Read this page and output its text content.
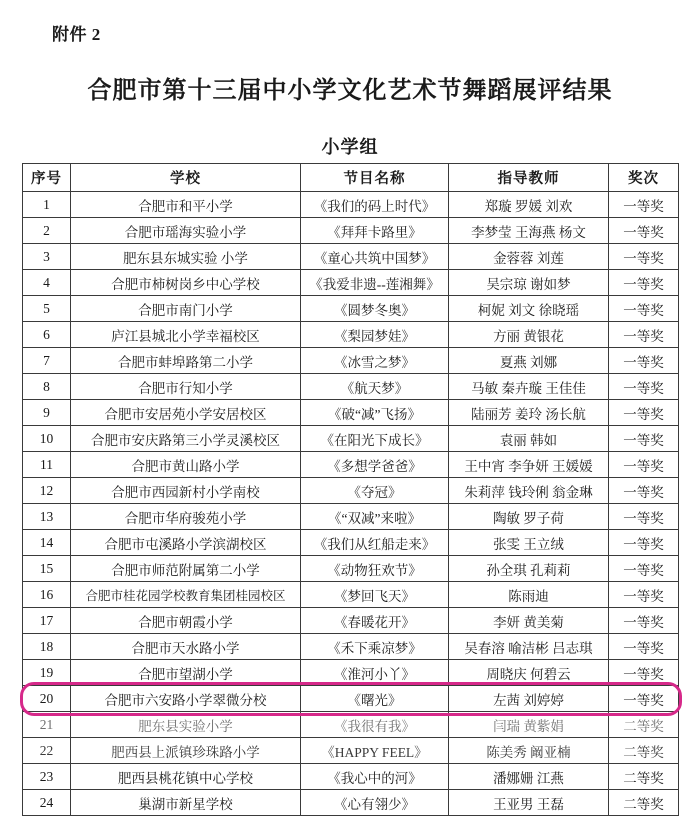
附件 2
合肥市第十三届中小学文化艺术节舞蹈展评结果
小学组
序号	学校	节目名称	指导教师	奖次
1	合肥市和平小学	《我们的码上时代》	郑璇 罗媛 刘欢	一等奖
2	合肥市瑶海实验小学	《拜拜卡路里》	李梦莹 王海燕 杨文	一等奖
3	肥东县东城实验 小学	《童心共筑中国梦》	金蓉蓉 刘莲	一等奖
4	合肥市柿树岗乡中心学校	《我爱非遗--莲湘舞》	吴宗琼 谢如梦	一等奖
5	合肥市南门小学	《圆梦冬奥》	柯妮 刘文 徐晓瑶	一等奖
6	庐江县城北小学幸福校区	《梨园梦娃》	方丽 黄银花	一等奖
7	合肥市蚌埠路第二小学	《冰雪之梦》	夏燕 刘娜	一等奖
8	合肥市行知小学	《航天梦》	马敏 秦卉璇 王佳佳	一等奖
9	合肥市安居苑小学安居校区	《破“减”飞扬》	陆丽芳 姜玲 汤长航	一等奖
10	合肥市安庆路第三小学灵溪校区	《在阳光下成长》	袁丽 韩如	一等奖
11	合肥市黄山路小学	《多想学爸爸》	王中宵 李争妍 王媛媛	一等奖
12	合肥市西园新村小学南校	《夺冠》	朱莉萍 钱玲俐 翁金琳	一等奖
13	合肥市华府骏苑小学	《“双减”来啦》	陶敏 罗子荷	一等奖
14	合肥市屯溪路小学滨湖校区	《我们从红船走来》	张雯 王立绒	一等奖
15	合肥市师范附属第二小学	《动物狂欢节》	孙全琪 孔莉莉	一等奖
16	合肥市桂花园学校教育集团桂园校区	《梦回飞天》	陈雨迪	一等奖
17	合肥市朝霞小学	《春暖花开》	李妍 黄美菊	一等奖
18	合肥市天水路小学	《禾下乘凉梦》	吴春溶 喻洁彬 吕志琪	一等奖
19	合肥市望湖小学	《淮河小丫》	周晓庆 何碧云	一等奖
20	合肥市六安路小学翠微分校	《曙光》	左茜 刘婷婷	一等奖
21	肥东县实验小学	《我很有我》	闫瑞 黄紫娟	二等奖
22	肥西县上派镇珍珠路小学	《HAPPY FEEL》	陈美秀 阚亚楠	二等奖
23	肥西县桃花镇中心学校	《我心中的河》	潘娜姗 江燕	二等奖
24	巢湖市新星学校	《心有翎少》	王亚男 王磊	二等奖
